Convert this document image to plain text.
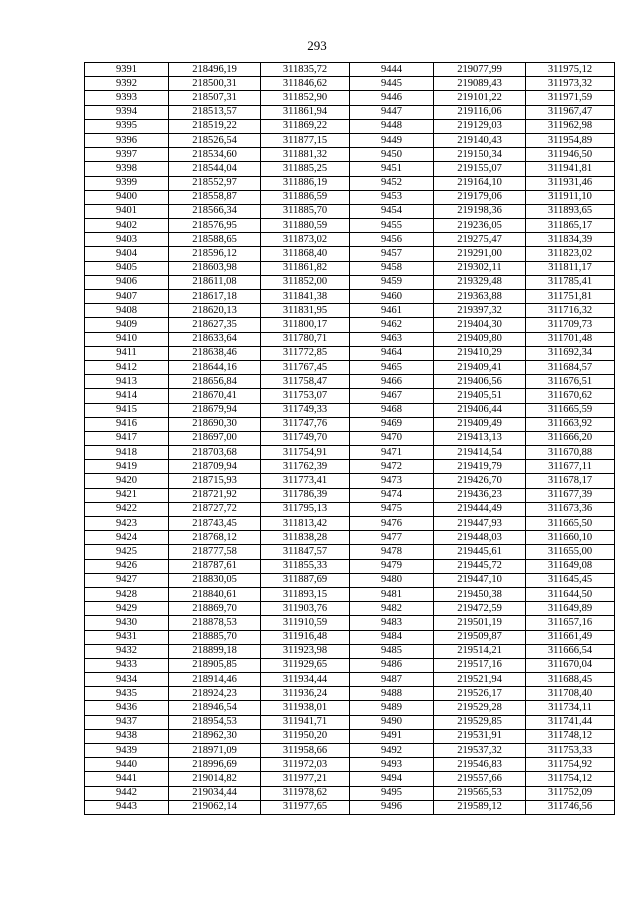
293
9391	218496,19	311835,72	9444	219077,99	311975,12
9392	218500,31	311846,62	9445	219089,43	311973,32
9393	218507,31	311852,90	9446	219101,22	311971,59
9394	218513,57	311861,94	9447	219116,06	311967,47
9395	218519,22	311869,22	9448	219129,03	311962,98
9396	218526,54	311877,15	9449	219140,43	311954,89
9397	218534,60	311881,32	9450	219150,34	311946,50
9398	218544,04	311885,25	9451	219155,07	311941,81
9399	218552,97	311886,19	9452	219164,10	311931,46
9400	218558,87	311886,59	9453	219179,06	311911,10
9401	218566,34	311885,70	9454	219198,36	311893,65
9402	218576,95	311880,59	9455	219236,05	311865,17
9403	218588,65	311873,02	9456	219275,47	311834,39
9404	218596,12	311868,40	9457	219291,00	311823,02
9405	218603,98	311861,82	9458	219302,11	311811,17
9406	218611,08	311852,00	9459	219329,48	311785,41
9407	218617,18	311841,38	9460	219363,88	311751,81
9408	218620,13	311831,95	9461	219397,32	311716,32
9409	218627,35	311800,17	9462	219404,30	311709,73
9410	218633,64	311780,71	9463	219409,80	311701,48
9411	218638,46	311772,85	9464	219410,29	311692,34
9412	218644,16	311767,45	9465	219409,41	311684,57
9413	218656,84	311758,47	9466	219406,56	311676,51
9414	218670,41	311753,07	9467	219405,51	311670,62
9415	218679,94	311749,33	9468	219406,44	311665,59
9416	218690,30	311747,76	9469	219409,49	311663,92
9417	218697,00	311749,70	9470	219413,13	311666,20
9418	218703,68	311754,91	9471	219414,54	311670,88
9419	218709,94	311762,39	9472	219419,79	311677,11
9420	218715,93	311773,41	9473	219426,70	311678,17
9421	218721,92	311786,39	9474	219436,23	311677,39
9422	218727,72	311795,13	9475	219444,49	311673,36
9423	218743,45	311813,42	9476	219447,93	311665,50
9424	218768,12	311838,28	9477	219448,03	311660,10
9425	218777,58	311847,57	9478	219445,61	311655,00
9426	218787,61	311855,33	9479	219445,72	311649,08
9427	218830,05	311887,69	9480	219447,10	311645,45
9428	218840,61	311893,15	9481	219450,38	311644,50
9429	218869,70	311903,76	9482	219472,59	311649,89
9430	218878,53	311910,59	9483	219501,19	311657,16
9431	218885,70	311916,48	9484	219509,87	311661,49
9432	218899,18	311923,98	9485	219514,21	311666,54
9433	218905,85	311929,65	9486	219517,16	311670,04
9434	218914,46	311934,44	9487	219521,94	311688,45
9435	218924,23	311936,24	9488	219526,17	311708,40
9436	218946,54	311938,01	9489	219529,28	311734,11
9437	218954,53	311941,71	9490	219529,85	311741,44
9438	218962,30	311950,20	9491	219531,91	311748,12
9439	218971,09	311958,66	9492	219537,32	311753,33
9440	218996,69	311972,03	9493	219546,83	311754,92
9441	219014,82	311977,21	9494	219557,66	311754,12
9442	219034,44	311978,62	9495	219565,53	311752,09
9443	219062,14	311977,65	9496	219589,12	311746,56
